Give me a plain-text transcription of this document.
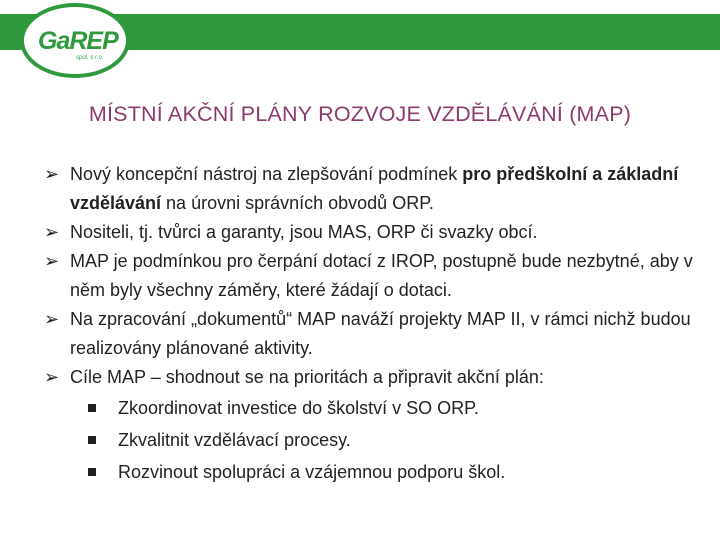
GaREP
spol. s r.o.
MÍSTNÍ AKČNÍ PLÁNY ROZVOJE VZDĚLÁVÁNÍ (MAP)
➢ Nový koncepční nástroj na zlepšování podmínek pro předškolní a základní vzdělávání na úrovni správních obvodů ORP.
➢ Nositeli, tj. tvůrci a garanty, jsou MAS, ORP či svazky obcí.
➢ MAP je podmínkou pro čerpání dotací z IROP, postupně bude nezbytné, aby v něm byly všechny záměry, které žádají o dotaci.
➢ Na zpracování „dokumentů“ MAP naváží projekty MAP II, v rámci nichž budou realizovány plánované aktivity.
➢ Cíle MAP – shodnout se na prioritách a připravit akční plán:
Zkoordinovat investice do školství v SO ORP.
Zkvalitnit vzdělávací procesy.
Rozvinout spolupráci a vzájemnou podporu škol.
